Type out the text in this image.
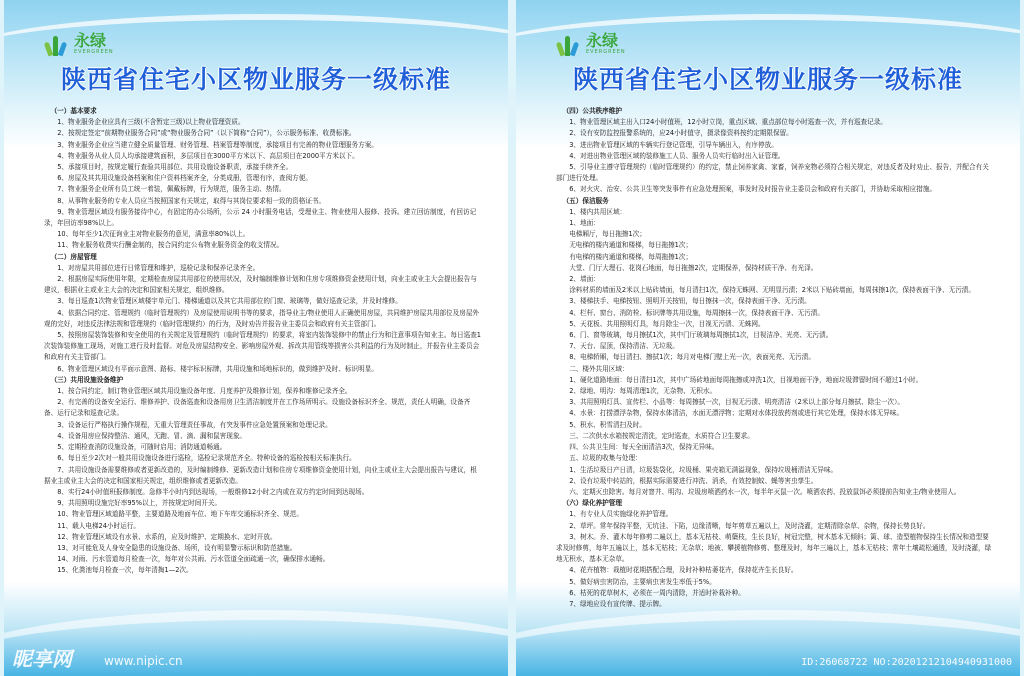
永绿
EVERGREEN
陕西省住宅小区物业服务一级标准

（一）基本要求

1、物业服务企业应具有三级(不含暂定三级)以上物业管理资质。

2、按规定签定“前期物业服务合同”或“物业服务合同”（以下简称“合同”），公示服务标准、收费标准。

3、物业服务企业应当建立健全质量管理、财务管理、档案管理等制度，承接项目有完善的物业管理服务方案。

4、物业服务从业人员人均承接建筑面积，多层项目在3000平方米以下、高层项目在2000平方米以下。

5、承接项目时，按规定履行查验共用部位、共用设施设备职责，承接手续齐全。

6、房屋及其共用设施设备档案和住户资料档案齐全，分类成册，管理有序，查阅方便。

7、物业服务企业所有员工统一着装，佩戴标牌，行为规范，服务主动、热情。

8、从事物业服务的专业人员应当按照国家有关规定，取得与其岗位要求相一致的资格证书。

9、物业管理区域设有服务接待中心，有固定的办公场所，公示 24 小时服务电话，受理业主、物业使用人报修、投诉。建立回访制度，有回访记录，年回访率98%以上。

10、每年至少1次征询业主对物业服务的意见，满意率80%以上。

11、物业服务收费实行酬金制的，按合同约定公布物业服务资金的收支情况。

（二）房屋管理

1、对房屋共用部位进行日常管理和维护，巡检记录和保养记录齐全。

2、根据房屋实际使用年限，定期检查房屋共用部位的使用状况，及时编制维修计划和住房专项维修资金使用计划，向业主或业主大会提出报告与建议，根据业主或业主大会的决定和国家相关规定，组织维修。

3、每日巡查1次物业管理区域楼宇单元门、楼梯通道以及其它共用部位的门窗、玻璃等，做好巡查记录，并及时维修。

4、依据合同约定、管理规约（临时管理规约）及房屋使用说明书等的要求，指导业主/物业使用人正确使用房屋，共同维护房屋共用部位及房屋外观的完好，对违反法律法规和管理规约（临时管理规约）的行为，及时劝告并报告业主委员会和政府有关主管部门。

5、按照房屋装饰装修和安全使用的有关规定及管理规约（临时管理规约）的要求，将室内装饰装修中的禁止行为和注意事项告知业主。每日巡查1次装饰装修施工现场，对施工进行及时监督。对危及房屋结构安全、影响房屋外观、拆改共用管线等损害公共利益的行为及时制止，并报告业主委员会和政府有关主管部门。

6、物业管理区域设有平面示意图、路标、楼宇标识标牌，共用设施和场地标识的，做到维护及时、标识明显。

（三）共用设施设备维护

1、按合同约定，制订物业管理区域共用设施设备年度、月度养护及维修计划，保养和维修记录齐全。

2、有完善的设备安全运行、维修养护、设备巡查和设备用房卫生清洁制度并在工作场所明示。设施设备标识齐全、规范，责任人明确，设备齐备、运行记录和巡查记录。

3、设备运行严格执行操作规程，无重大管理责任事故，有突发事件应急处置预案和处理记录。

4、设备用房应保持整洁、通风，无跑、冒、滴、漏和鼠害现象。

5、定期检查消防设施设备，可随时启用；消防通道畅通。

6、每日至少2次对一般共用设施设备进行巡检，巡检记录规范齐全。特种设备的巡检按相关标准执行。

7、共用设施设备需要维修或者更新改造的，及时编制维修、更新改造计划和住房专项维修资金使用计划，向业主或业主大会提出报告与建议，根据业主或业主大会的决定和国家相关规定，组织维修或者更新改造。

8、实行24小时值班报修制度。急修半小时内到达现场，一般维修12小时之内或在双方约定时间到达现场。

9、共用照明设施完好率95%以上，并按规定时间开关。

10、物业管理区域道路平整，主要道路及地面车位、地下车库交通标识齐全、规范。

11、载人电梯24小时运行。

12、物业管理区域设有水景、水系的，应及时维护、定期换水、定时开放。

13、对可能危及人身安全隐患的设施设备、场所，设有明显警示标识和防范措施。

14、对雨、污水管道每月检查一次，每年对公共雨、污水管道全面疏通一次，确保排水通畅。

15、化粪池每月检查一次，每年清掏1—2次。

昵享网	www.nipic.cn
永绿
EVERGREEN
陕西省住宅小区物业服务一级标准

（四）公共秩序维护

1、物业管理区域主出入口24小时值班，12小时立岗，重点区域、重点部位每小时巡查一次，并有巡查记录。

2、设有安防监控报警系统的，应24小时值守，摄录像资料按约定期限保留。

3、进出物业管理区域的车辆实行登记管理，引导车辆出入，有序停放。

4、对进出物业管理区域的装修施工人员、服务人员实行临时出入证管理。

5、引导业主遵守管理规约（临时管理规约）的约定，禁止饲养家禽、家畜，饲养宠物必须符合相关规定，对违反者及时劝止、报告，并配合有关部门进行处理。

6、对火灾、治安、公共卫生等突发事件有应急处理预案，事发时及时报告业主委员会和政府有关部门，并协助采取相应措施。

（五）保洁服务

1、楼内共用区域：

1、地面：

电梯厢厅，每日拖擦1次；

无电梯的楼内通道和楼梯，每日拖擦1次；

有电梯的楼内通道和楼梯，每周拖擦1次；

大堂、门厅大理石、花岗石地面，每日拖擦2次，定期保养，保持材质干净、有光泽。

2、墙面：

涂料材质的墙面及2米以上贴砖墙面，每月清扫1次，保持无蛛网、无明显污渍；2米以下贴砖墙面，每周抹擦1次，保持表面干净、无污渍。

3、楼梯扶手、电梯按钮、照明开关按钮，每日擦抹一次，保持表面干净、无污渍。

4、栏杆、窗台、消防栓、标识牌等共用设施，每周擦抹一次，保持表面干净、无污渍。

5、天花板、共用照明灯具，每月除尘一次，目视无污渍、无蛛网。

6、门、窗等玻璃，每月擦拭1次，其中门厅玻璃每周擦拭1次，目视洁净、光亮、无污渍。

7、天台、屋顶，保持清洁、无垃圾。

8、电梯轿厢，每日清扫、擦拭1次；每月对电梯门壁上光一次，表面光亮、无污渍。

二、楼外共用区域：

1、硬化道路地面：每日清扫1次，其中广场砖地面每周拖擦或冲洗1次，目视地面干净，地面垃圾滞留时间不超过1小时。

2、绿地、明沟：每周清理1次，无杂物、无积水。

3、共用照明灯具、宣传栏、小品等：每周擦拭一次，目视无污渍、明亮清洁（2米以上部分每月擦拭、除尘一次）。

4、水景：打捞漂浮杂物，保持水体清洁，水面无漂浮物；定期对水体投放药剂或进行其它处理，保持水体无异味。

5、积水、积雪清扫及时。

三、二次供水水箱按规定清洗，定时巡查，水质符合卫生要求。

四、公共卫生间：每天全面清洁3次，保持无异味。

五、垃圾的收集与处理：

1、生活垃圾日产日清，垃圾装袋化，垃圾桶、果壳箱无满溢现象，保持垃圾桶清洁无异味。

2、设有垃圾中转站的，根据实际需要进行冲洗、消杀，有效控制蚊、蝇等害虫孳生。

六、定期灭虫除害。每月对窨井、明沟、垃圾房喷洒药水一次，每半年灭鼠一次。喷洒农药、投放鼠饵必须提前告知业主/物业使用人。

（六）绿化养护管理

1、有专业人员实施绿化养护管理。

2、草坪。常年保持平整，无坑洼、下陷，边缘清晰，每年剪草五遍以上，及时浇灌，定期清除杂草、杂物，保持长势良好。

3、树木。乔、灌木每年修剪二遍以上，基本无枯枝、萌蘖枝，生长良好，树冠完整，树木基本无倾斜；篱、球、造型植物保持生长情况和造型要求及时修剪，每年五遍以上，基本无枯枝；无杂草；地被、攀援植物修剪、整理及时，每年三遍以上，基本无枯枝；常年土壤疏松通透，及时浇灌，绿地无积水，基本无杂草。

4、花卉植物：栽植时花期搭配合理，及时补种枯萎花卉，保持花卉生长良好。

5、做好病虫害防治，主要病虫害发生率低于5%。

6、枯死的花草树木，必须在一周内清除，并适时补栽补种。

7、绿地应设有宣传牌、提示牌。

ID:26068722 NO:20201212104940931000
